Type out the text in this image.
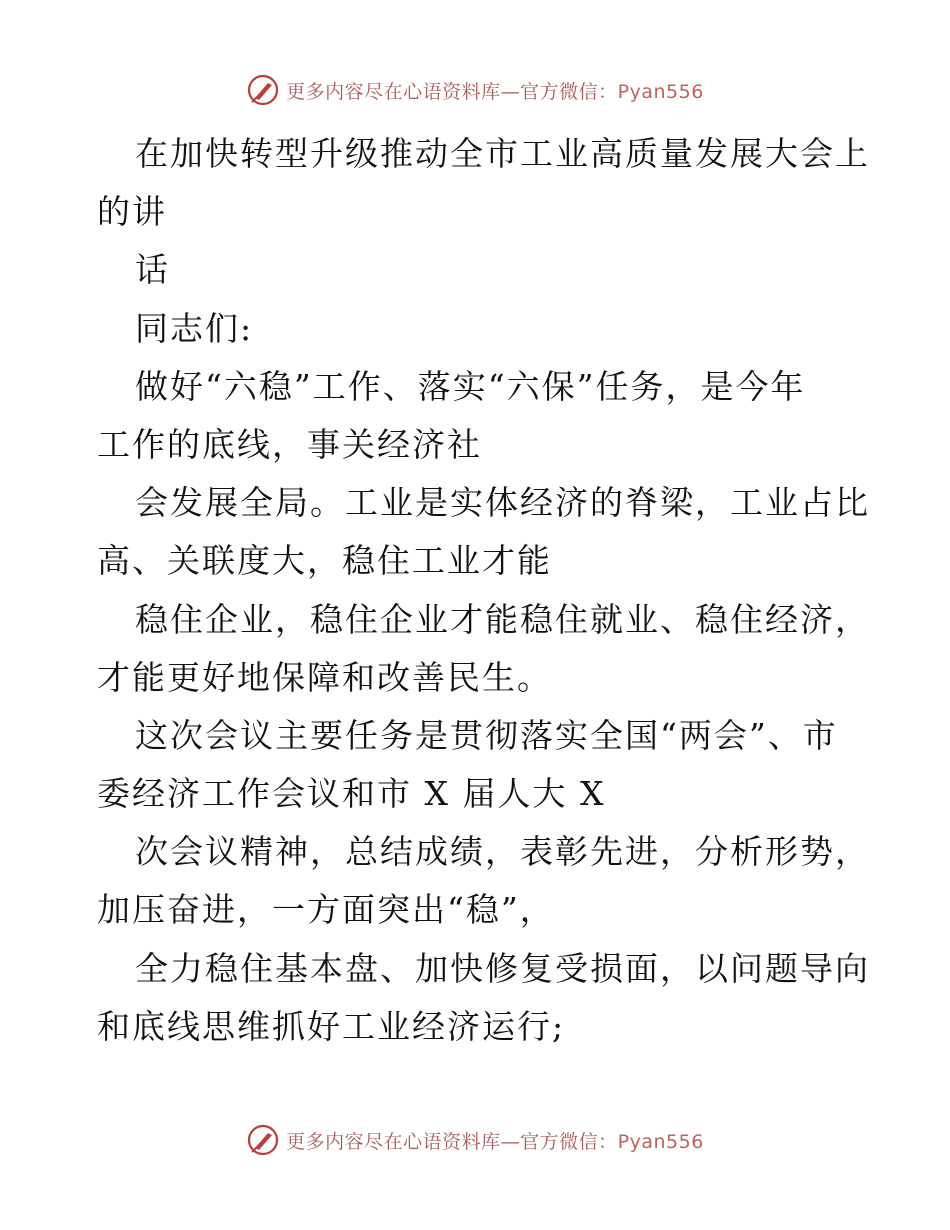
更多内容尽在心语资料库—官方微信：Pyan556
在加快转型升级推动全市工业高质量发展大会上
的讲
话
同志们:
做好“六稳”工作、落实“六保”任务，是今年
工作的底线，事关经济社
会发展全局。工业是实体经济的脊梁，工业占比
高、关联度大，稳住工业才能
稳住企业，稳住企业才能稳住就业、稳住经济，
才能更好地保障和改善民生。
这次会议主要任务是贯彻落实全国“两会”、市
委经济工作会议和市 X 届人大 X
次会议精神，总结成绩，表彰先进，分析形势，
加压奋进，一方面突出“稳”，
全力稳住基本盘、加快修复受损面，以问题导向
和底线思维抓好工业经济运行;
更多内容尽在心语资料库—官方微信：Pyan556
